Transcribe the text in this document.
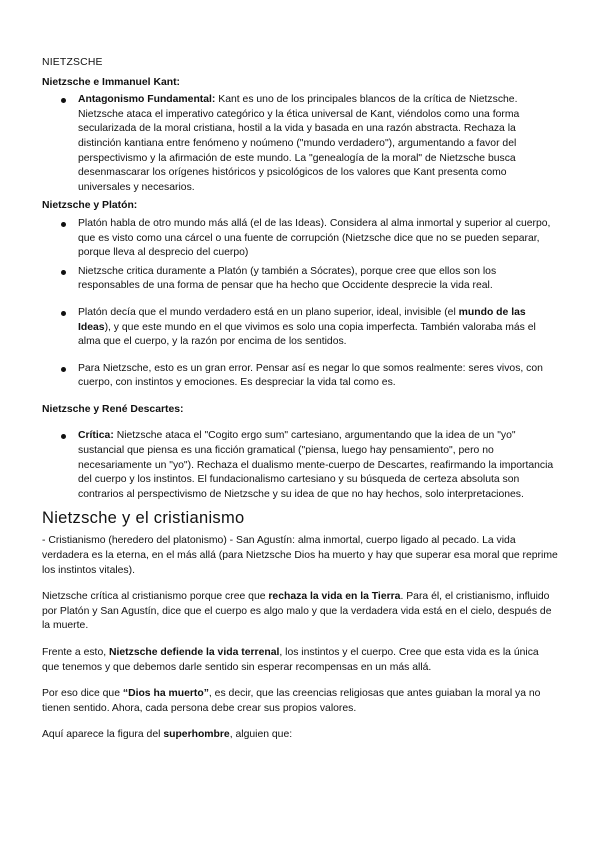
NIETZSCHE
Nietzsche e Immanuel Kant:
Antagonismo Fundamental: Kant es uno de los principales blancos de la crítica de Nietzsche. Nietzsche ataca el imperativo categórico y la ética universal de Kant, viéndolos como una forma secularizada de la moral cristiana, hostil a la vida y basada en una razón abstracta. Rechaza la distinción kantiana entre fenómeno y noúmeno ("mundo verdadero"), argumentando a favor del perspectivismo y la afirmación de este mundo. La "genealogía de la moral" de Nietzsche busca desenmascarar los orígenes históricos y psicológicos de los valores que Kant presenta como universales y necesarios.
Nietzsche y Platón:
Platón habla de otro mundo más allá (el de las Ideas). Considera al alma inmortal y superior al cuerpo, que es visto como una cárcel o una fuente de corrupción (Nietzsche dice que no se pueden separar, porque lleva al desprecio del cuerpo)
Nietzsche critica duramente a Platón (y también a Sócrates), porque cree que ellos son los responsables de una forma de pensar que ha hecho que Occidente desprecie la vida real.
Platón decía que el mundo verdadero está en un plano superior, ideal, invisible (el mundo de las Ideas), y que este mundo en el que vivimos es solo una copia imperfecta. También valoraba más el alma que el cuerpo, y la razón por encima de los sentidos.
Para Nietzsche, esto es un gran error. Pensar así es negar lo que somos realmente: seres vivos, con cuerpo, con instintos y emociones. Es despreciar la vida tal como es.
Nietzsche y René Descartes:
Crítica: Nietzsche ataca el "Cogito ergo sum" cartesiano, argumentando que la idea de un "yo" sustancial que piensa es una ficción gramatical ("piensa, luego hay pensamiento", pero no necesariamente un "yo"). Rechaza el dualismo mente-cuerpo de Descartes, reafirmando la importancia del cuerpo y los instintos. El fundacionalismo cartesiano y su búsqueda de certeza absoluta son contrarios al perspectivismo de Nietzsche y su idea de que no hay hechos, solo interpretaciones.
Nietzsche y el cristianismo

- Cristianismo (heredero del platonismo) - San Agustín: alma inmortal, cuerpo ligado al pecado. La vida verdadera es la eterna, en el más allá (para Nietzsche Dios ha muerto y hay que superar esa moral que reprime los instintos vitales).

Nietzsche crítica al cristianismo porque cree que rechaza la vida en la Tierra. Para él, el cristianismo, influido por Platón y San Agustín, dice que el cuerpo es algo malo y que la verdadera vida está en el cielo, después de la muerte.

Frente a esto, Nietzsche defiende la vida terrenal, los instintos y el cuerpo. Cree que esta vida es la única que tenemos y que debemos darle sentido sin esperar recompensas en un más allá.

Por eso dice que “Dios ha muerto”, es decir, que las creencias religiosas que antes guiaban la moral ya no tienen sentido. Ahora, cada persona debe crear sus propios valores.

Aquí aparece la figura del superhombre, alguien que:
